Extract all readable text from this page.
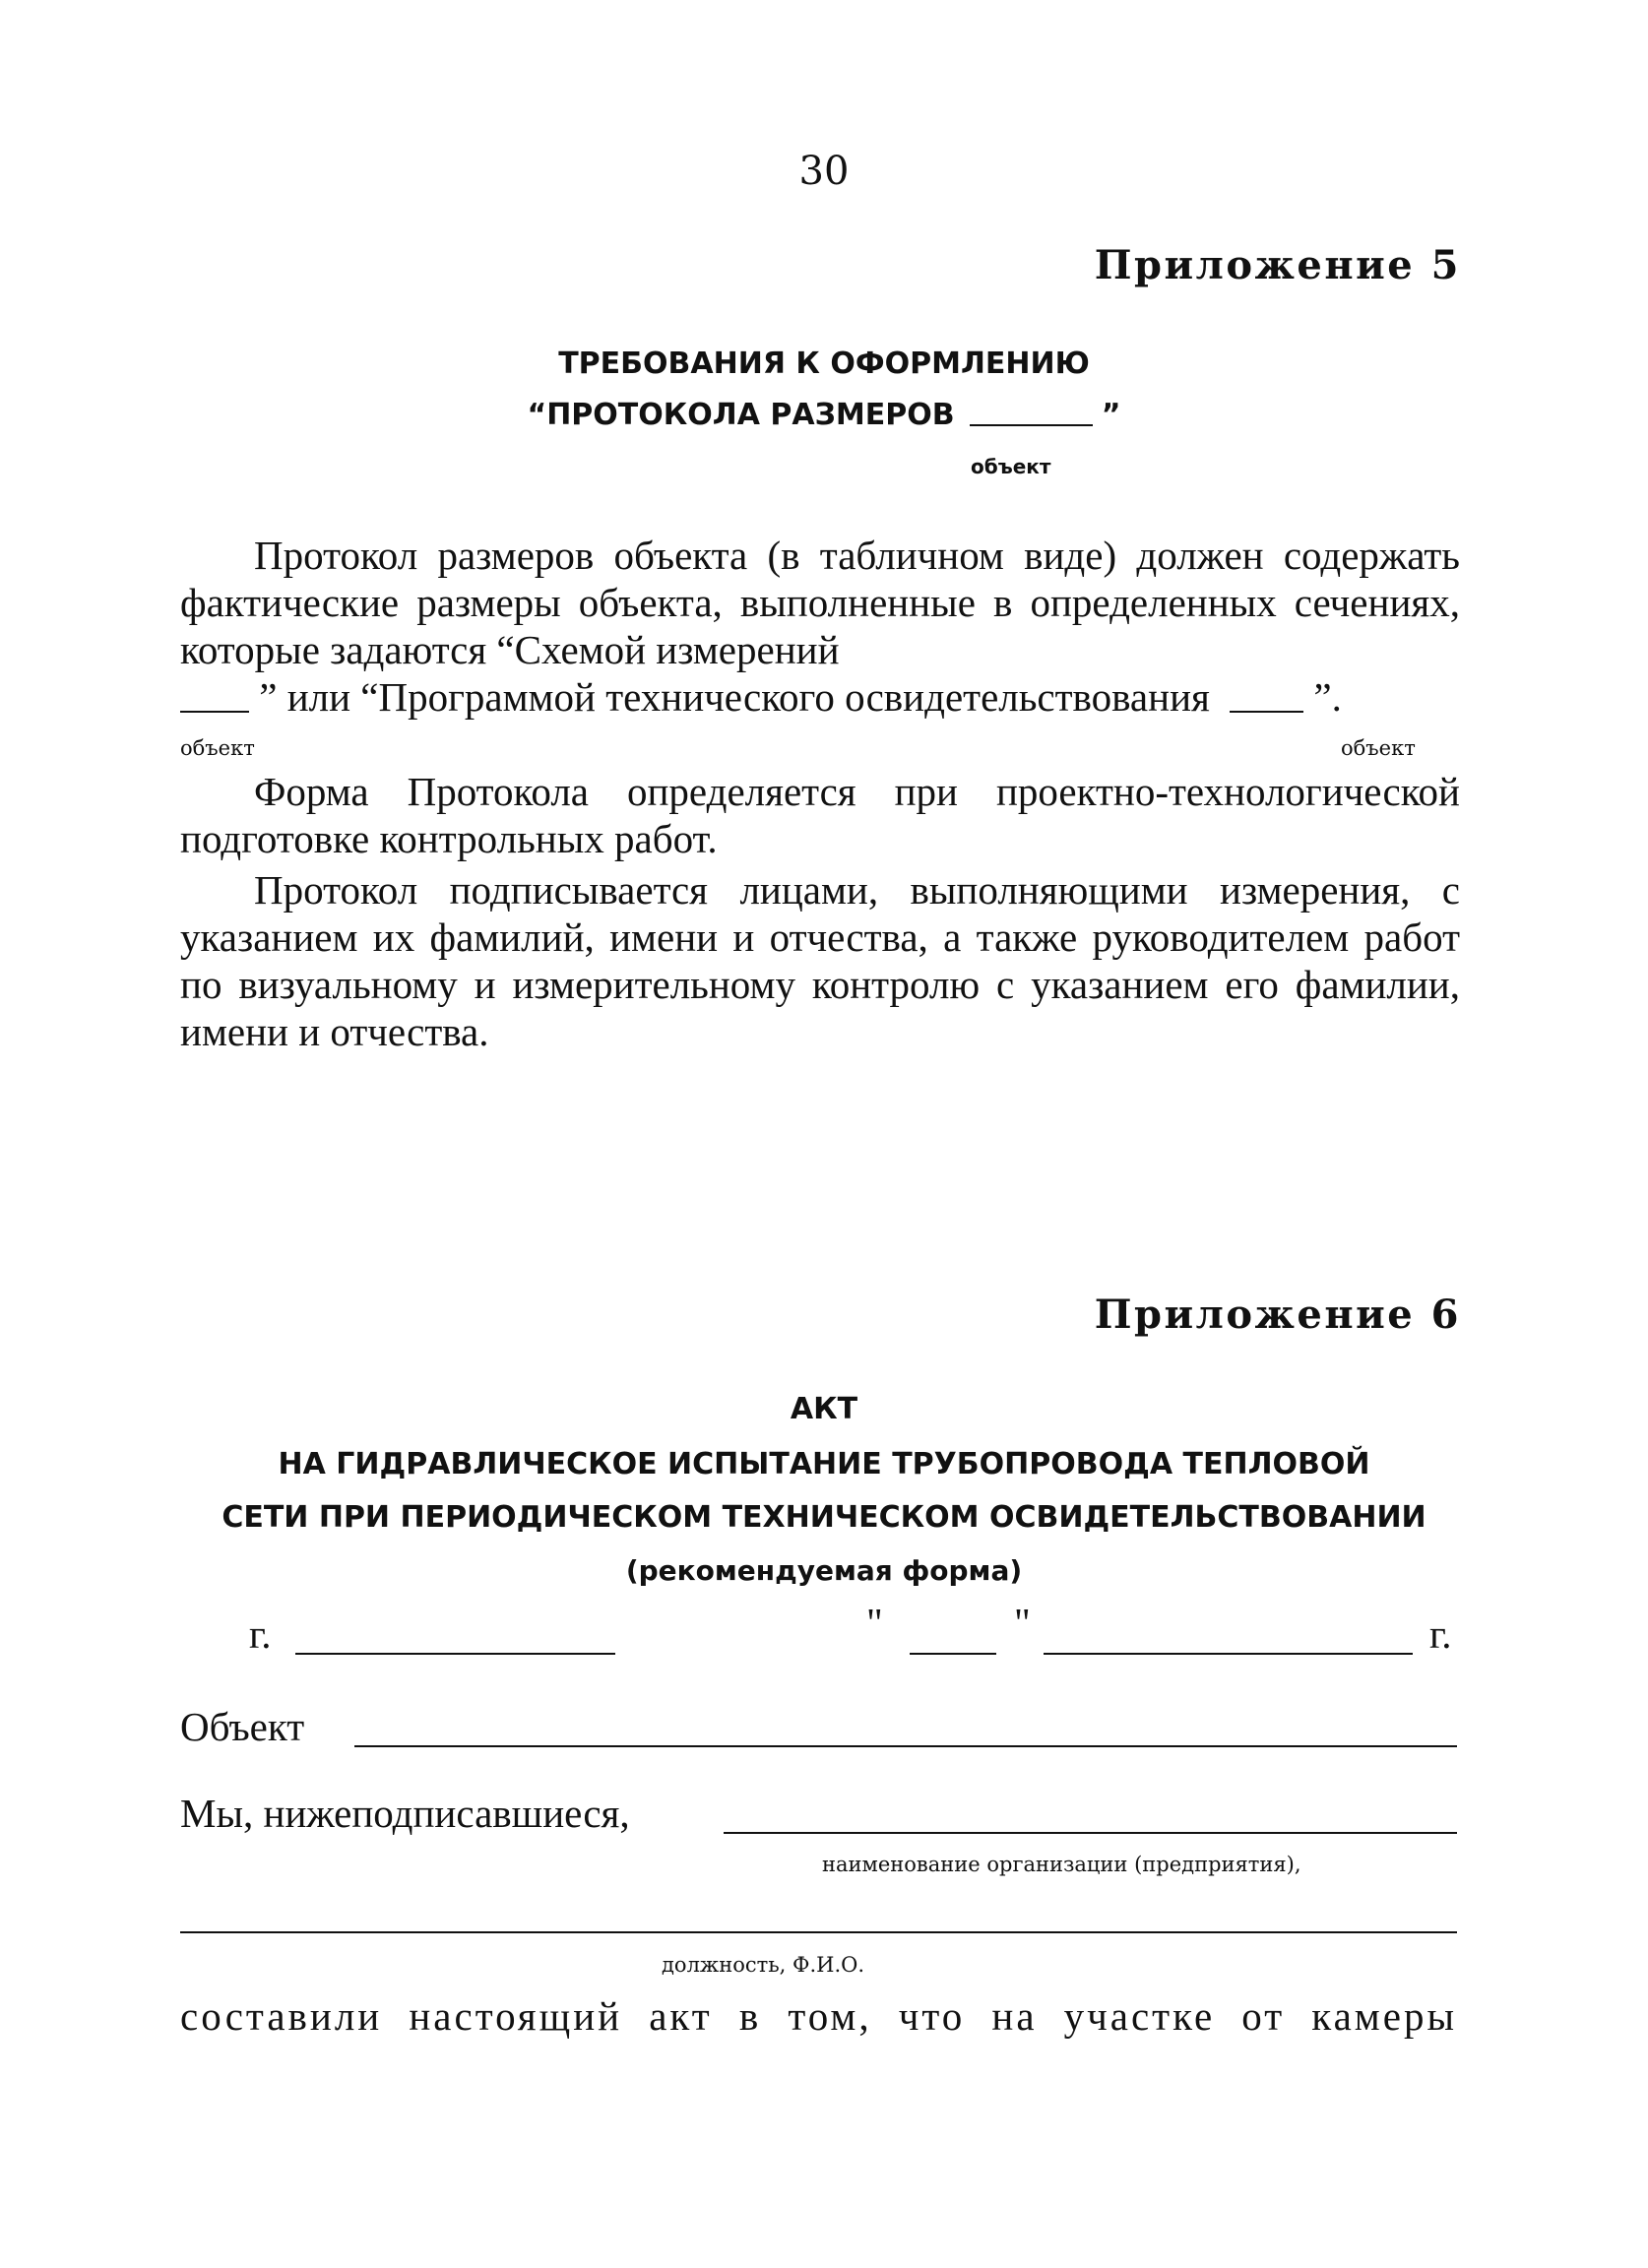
30
Приложение 5
ТРЕБОВАНИЯ К ОФОРМЛЕНИЮ
“ПРОТОКОЛА РАЗМЕРОВ	”
объект

Протокол размеров объекта (в табличном виде) должен содержать фактические размеры объекта, выполненные в определенных сечениях, которые задаются “Схемой измерений

” или “Программой технического освидетельствования	”.
объект	объект

Форма Протокола определяется при проектно-технологической подготовке контрольных работ.

Протокол подписывается лицами, выполняющими измерения, с указанием их фамилий, имени и отчества, а также руководителем работ по визуальному и измерительному контролю с указанием его фамилии, имени и отчества.

Приложение 6
АКТ
НА ГИДРАВЛИЧЕСКОЕ ИСПЫТАНИЕ ТРУБОПРОВОДА ТЕПЛОВОЙ
СЕТИ ПРИ ПЕРИОДИЧЕСКОМ ТЕХНИЧЕСКОМ ОСВИДЕТЕЛЬСТВОВАНИИ
(рекомендуемая форма)
г.	"	"	г.
Объект
Мы, нижеподписавшиеся,
наименование организации (предприятия),
должность, Ф.И.О.
составили настоящий акт в том, что на участке от камеры
